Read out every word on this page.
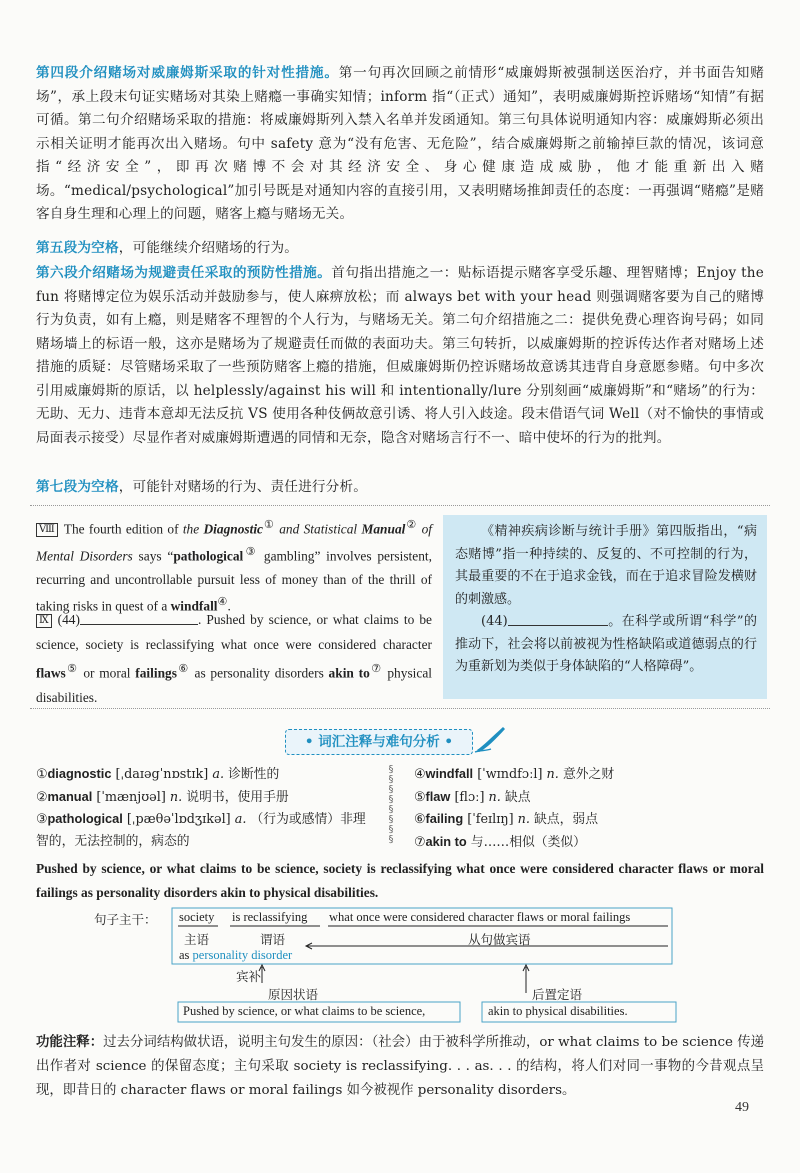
第四段介绍赌场对威廉姆斯采取的针对性措施。第一句再次回顾之前情形“威廉姆斯被强制送医治疗，并书面告知赌场”，承上段末句证实赌场对其染上赌瘾一事确实知情；inform 指“（正式）通知”，表明威廉姆斯控诉赌场“知情”有据可循。第二句介绍赌场采取的措施：将威廉姆斯列入禁入名单并发函通知。第三句具体说明通知内容：威廉姆斯必须出示相关证明才能再次出入赌场。句中 safety 意为“没有危害、无危险”，结合威廉姆斯之前输掉巨款的情况，该词意指“经济安全”，即再次赌博不会对其经济安全、身心健康造成威胁，他才能重新出入赌场。“medical/psychological”加引号既是对通知内容的直接引用，又表明赌场推卸责任的态度：一再强调“赌瘾”是赌客自身生理和心理上的问题，赌客上瘾与赌场无关。
第五段为空格，可能继续介绍赌场的行为。
第六段介绍赌场为规避责任采取的预防性措施。首句指出措施之一：贴标语提示赌客享受乐趣、理智赌博；Enjoy the fun 将赌博定位为娱乐活动并鼓励参与，使人麻痹放松；而 always bet with your head 则强调赌客要为自己的赌博行为负责，如有上瘾，则是赌客不理智的个人行为，与赌场无关。第二句介绍措施之二：提供免费心理咨询号码；如同赌场墙上的标语一般，这亦是赌场为了规避责任而做的表面功夫。第三句转折，以威廉姆斯的控诉传达作者对赌场上述措施的质疑：尽管赌场采取了一些预防赌客上瘾的措施，但威廉姆斯仍控诉赌场故意诱其违背自身意愿参赌。句中多次引用威廉姆斯的原话，以 helplessly/against his will 和 intentionally/lure 分别刻画“威廉姆斯”和“赌场”的行为：无助、无力、违背本意却无法反抗 VS 使用各种伎俩故意引诱、将人引入歧途。段末借语气词 Well（对不愉快的事情或局面表示接受）尽显作者对威廉姆斯遭遇的同情和无奈，隐含对赌场言行不一、暗中使坏的行为的批判。
第七段为空格，可能针对赌场的行为、责任进行分析。
Ⅷ The fourth edition of the Diagnostic① and Statistical Manual② of Mental Disorders says “pathological③ gambling” involves persistent, recurring and uncontrollable pursuit less of money than of the thrill of taking risks in quest of a windfall④.
Ⅸ (44)	. Pushed by science, or what claims to be science, society is reclassifying what once were considered character flaws⑤ or moral failings⑥ as personality disorders akin to⑦ physical disabilities.
《精神疾病诊断与统计手册》第四版指出，“病态赌博”指一种持续的、反复的、不可控制的行为，其最重要的不在于追求金钱，而在于追求冒险发横财的刺激感。
(44)	。在科学或所谓“科学”的推动下，社会将以前被视为性格缺陷或道德弱点的行为重新划为类似于身体缺陷的“人格障碍”。
• 词汇注释与难句分析 •
①diagnostic [ˌdaɪəgˈnɒstɪk] a. 诊断性的
②manual [ˈmænjʊəl] n. 说明书，使用手册
③pathological [ˌpæθəˈlɒdʒɪkəl] a. （行为或感情）非理智的，无法控制的，病态的
§
§
§
§
§
§
§
§
④windfall [ˈwɪndfɔːl] n. 意外之财
⑤flaw [flɔː] n. 缺点
⑥failing [ˈfeɪlɪŋ] n. 缺点，弱点
⑦akin to 与……相似（类似）
Pushed by science, or what claims to be science, society is reclassifying what once were considered character flaws or moral failings as personality disorders akin to physical disabilities.
句子主干： society is reclassifying what once were considered character flaws or moral failings
主语	谓语	从句做宾语
as personality disorder
宾补
原因状语	后置定语
Pushed by science, or what claims to be science,	akin to physical disabilities.
功能注释：过去分词结构做状语，说明主句发生的原因：（社会）由于被科学所推动，or what claims to be science 传递出作者对 science 的保留态度；主句采取 society is reclassifying. . . as. . . 的结构，将人们对同一事物的今昔观点呈现，即昔日的 character flaws or moral failings 如今被视作 personality disorders。
49
